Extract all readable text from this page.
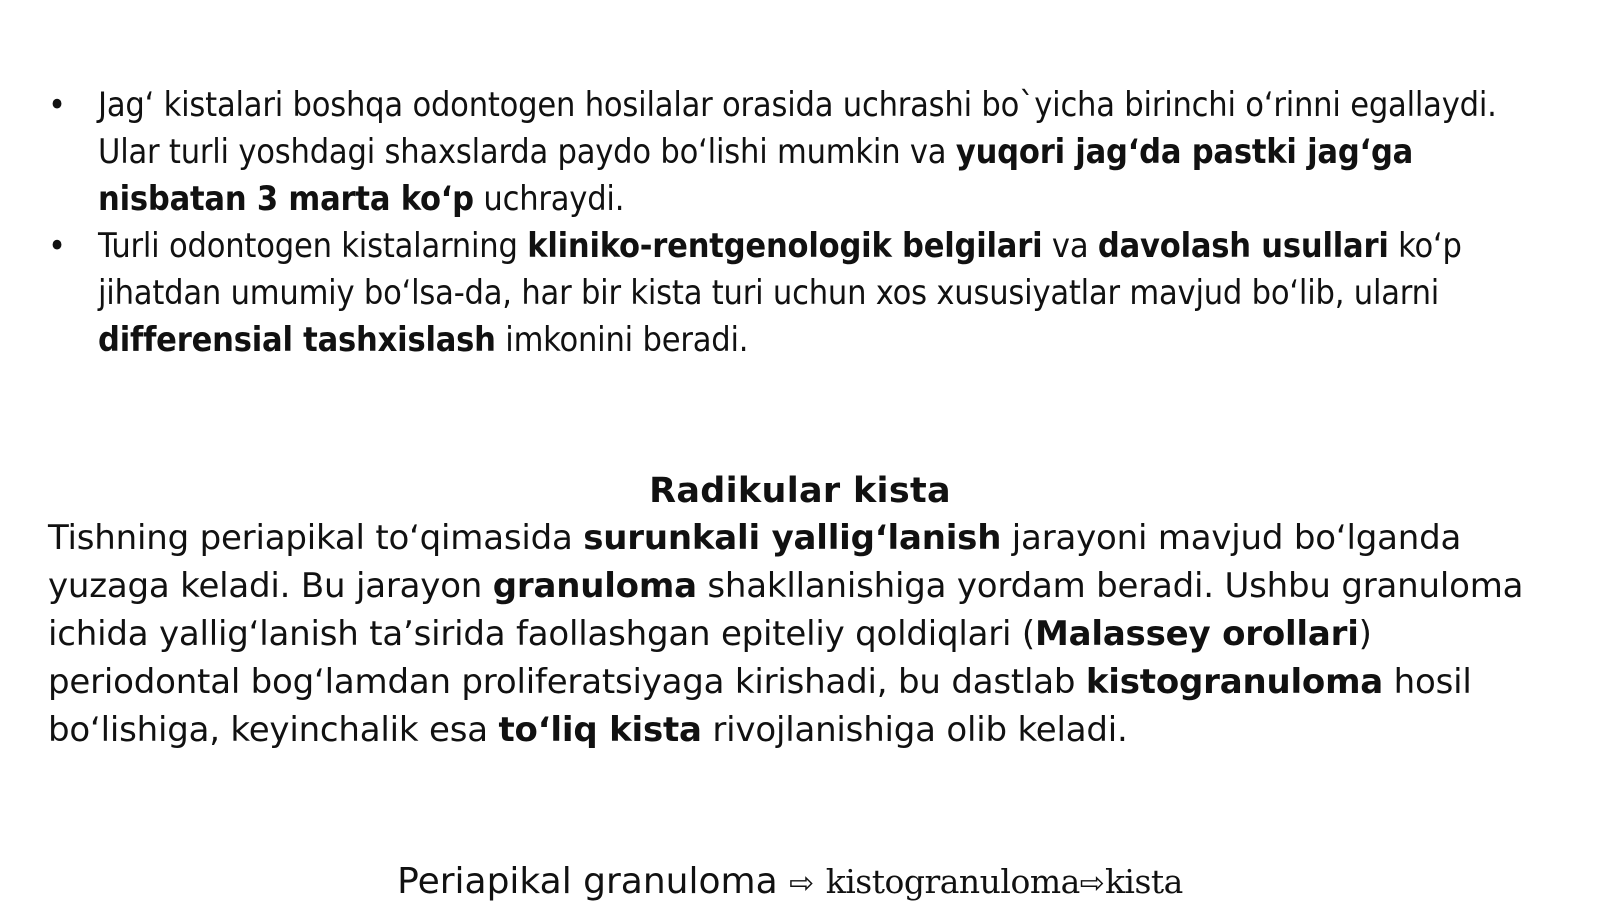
• Jag‘ kistalari boshqa odontogen hosilalar orasida uchrashi bo`yicha birinchi o‘rinni egallaydi. Ular turli yoshdagi shaxslarda paydo bo‘lishi mumkin va yuqori jag‘da pastki jag‘ga nisbatan 3 marta ko‘p uchraydi.
• Turli odontogen kistalarning kliniko-rentgenologik belgilari va davolash usullari ko‘p jihatdan umumiy bo‘lsa-da, har bir kista turi uchun xos xususiyatlar mavjud bo‘lib, ularni differensial tashxislash imkonini beradi.
Radikular kista

Tishning periapikal to‘qimasida surunkali yallig‘lanish jarayoni mavjud bo‘lganda yuzaga keladi. Bu jarayon granuloma shakllanishiga yordam beradi. Ushbu granuloma ichida yallig‘lanish ta’sirida faollashgan epiteliy qoldiqlari (Malassey orollari) periodontal bog‘lamdan proliferatsiyaga kirishadi, bu dastlab kistogranuloma hosil bo‘lishiga, keyinchalik esa to‘liq kista rivojlanishiga olib keladi.

Periapikal granuloma ⇨ kistogranuloma⇨kista
